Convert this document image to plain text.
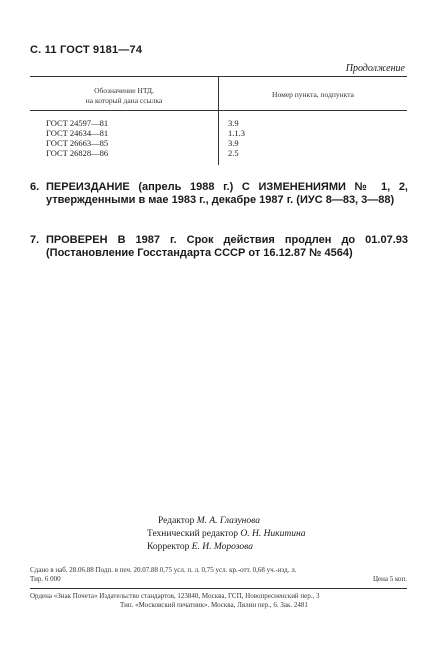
С. 11 ГОСТ 9181—74
Продолжение
Обозначение НТД,
на который дана ссылка
Номер пункта, подпункта
ГОСТ 24597—81	3.9
ГОСТ 24634—81	1.1.3
ГОСТ 26663—85	3.9
ГОСТ 26828—86	2.5
6. ПЕРЕИЗДАНИЕ (апрель 1988 г.) С ИЗМЕНЕНИЯМИ № 1, 2, утвержденными в мае 1983 г., декабре 1987 г. (ИУС 8—83, 3—88)
7. ПРОВЕРЕН В 1987 г. Срок действия продлен до 01.07.93 (Постановление Госстандарта СССР от 16.12.87 № 4564)
Редактор М. А. Глазунова
Технический редактор О. Н. Никитина
Корректор Е. И. Морозова
Сдано в наб. 28.06.88 Подп. в печ. 20.07.88 0,75 усл. п. л. 0,75 усл. кр.-отт. 0,68 уч.-изд. л.
Тир. 6 000	Цена 5 коп.
Ордена «Знак Почета» Издательство стандартов, 123840, Москва, ГСП, Новопресненский пер., 3
Тип. «Московский печатник». Москва, Лялин пер., 6. Зак. 2481
